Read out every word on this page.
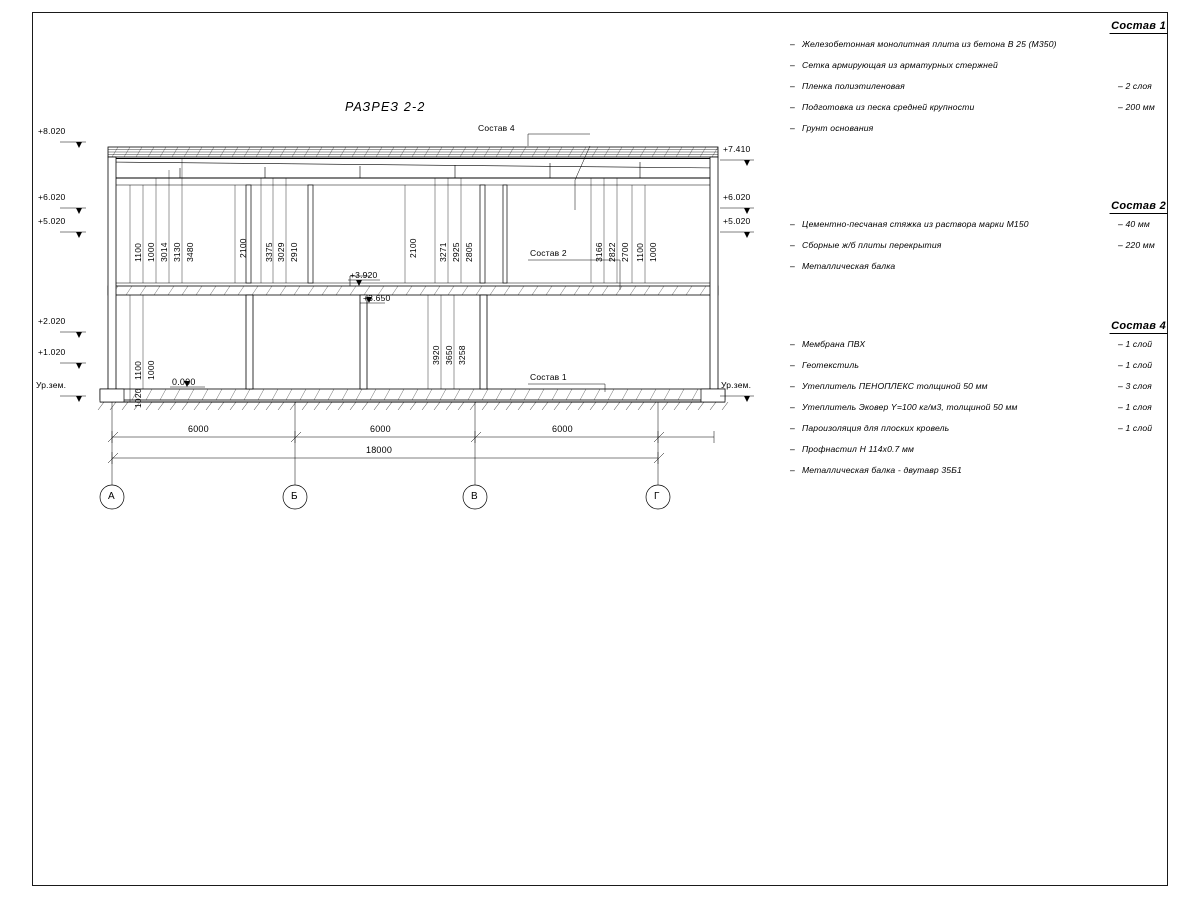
РАЗРЕЗ 2-2
+8.020
+6.020
+5.020
+2.020
+1.020
Ур.зем.
+7.410
+6.020
+5.020
Ур.зем.
+3.920
+3.650
0.000
Состав 4
Состав 2
Состав 1
1100 1000 3014 3130 3480	2100 3375 3029 2910	2100 3271 2925 2805	3166 2822 2700 1100 1000
1100 1000
1020
3920 3650 3258
6000	6000	6000
18000
А	Б	В	Г
Состав 1
– Железобетонная монолитная плита из бетона В 25 (М350)
– Сетка армирующая из арматурных стержней
– Пленка полиэтиленовая	– 2 слоя
– Подготовка из песка средней крупности	– 200 мм
– Грунт основания
Состав 2
– Цементно-песчаная стяжка из раствора марки М150	– 40 мм
– Сборные ж/б плиты перекрытия	– 220 мм
– Металлическая балка
Состав 4
– Мембрана ПВХ	– 1 слой
– Геотекстиль	– 1 слой
– Утеплитель ПЕНОПЛЕКС толщиной 50 мм	– 3 слоя
– Утеплитель Эковер Y=100 кг/м3, толщиной 50 мм	– 1 слоя
– Пароизоляция для плоских кровель	– 1 слой
– Профнастил Н 114х0.7 мм
– Металлическая балка - двутавр 35Б1
